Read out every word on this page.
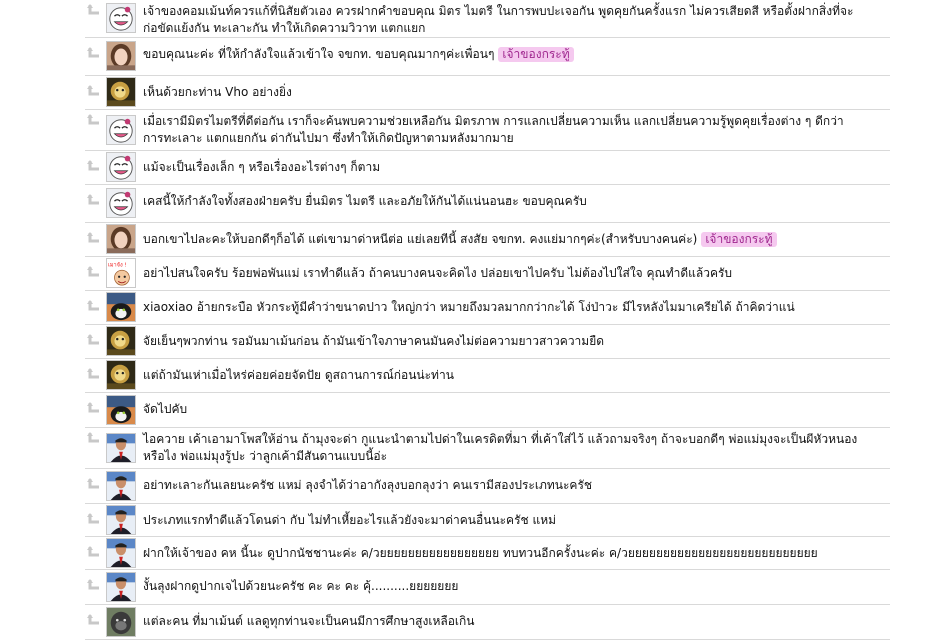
เจ้าของคอมเม้นท์ควรแก้ที่นิสัยตัวเอง ควรฝากคำขอบคุณ มิตร ไมตรี ในการพบปะเจอกัน พูดคุยกันครั้งแรก ไม่ควรเสียดสี หรือตั้งฝากสิ่งที่จะ
ก่อขัดแย้งกัน ทะเลาะกัน ทำให้เกิดความวิวาท แตกแยก
ขอบคุณนะค่ะ ที่ให้กำลังใจแล้วเข้าใจ จขกท. ขอบคุณมากๆค่ะเพื่อนๆ เจ้าของกระทู้
เห็นด้วยกะท่าน Vho อย่างยิ่ง
เมื่อเรามีมิตรไมตรีที่ดีต่อกัน เราก็จะค้นพบความช่วยเหลือกัน มิตรภาพ การแลกเปลี่ยนความเห็น แลกเปลี่ยนความรู้พูดคุยเรื่องต่าง ๆ ดีกว่า
การทะเลาะ แตกแยกกัน ด่ากันไปมา ซึ่งทำให้เกิดปัญหาตามหลังมากมาย
แม้จะเป็นเรื่องเล็ก ๆ หรือเรื่องอะไรต่างๆ ก็ตาม
เคสนี้ให้กำลังใจทั้งสองฝ่ายครับ ยื่นมิตร ไมตรี และอภัยให้กันได้แน่นอนฮะ ขอบคุณครับ
บอกเขาไปละคะให้บอกดีๆก็อได้ แต่เขามาด่าหนีต่อ แย่เลยทีนี้ สงสัย จขกท. คงแย่มากๆค่ะ(สำหรับบางคนค่ะ) เจ้าของกระทู้
เมาจัง !
อย่าไปสนใจครับ ร้อยพ่อพันแม่ เราทำดีแล้ว ถ้าคนบางคนจะคิดไง ปล่อยเขาไปครับ ไม่ต้องไปใส่ใจ คุณทำดีแล้วครับ
xiaoxiao อ้ายกระบือ หัวกระทู้มีคำว่าขนาดปาว ใหญ่กว่า หมายถึงมวลมากกว่ากะได้ โง่ป่าวะ มีไรหลังไมมาเครียได้ ถ้าคิดว่าแน่
จัยเย็นๆพวกท่าน รอมันมาเม้นก่อน ถ้ามันเข้าใจภาษาคนมันคงไม่ต่อความยาวสาวความยืด
แต่ถ้ามันเห่าเมื่อไหร่ค่อยค่อยจัดปัย ดูสถานการณ์ก่อนน่ะท่าน
จัดไปคับ
ไอควาย เค้าเอามาโพสให้อ่าน ถ้ามุงจะด่า กูแนะนำตามไปด่าในเครดิตที่มา ที่เค้าใส่ไว้ แล้วถามจริงๆ ถ้าจะบอกดีๆ พ่อแม่มุงจะเป็นผีหัวหนอง
หรือไง พ่อแม่มุงรู้ปะ ว่าลูกเค้ามีสันดานแบบนี้อ่ะ
อย่าทะเลาะกันเลยนะครัช แหม่ ลุงจำได้ว่าอากังลุงบอกลุงว่า คนเรามีสองประเภทนะครัช
ประเภทแรกทำดีแล้วโดนด่า กับ ไม่ทำเหี้ยอะไรแล้วยังจะมาด่าคนอื่นนะครัช แหม่
ฝากให้เจ้าของ คห นี้นะ ดูปากนัชชานะค่ะ ค/วยยยยยยยยยยยยยยยยย ทบทวนอีกครั้งนะค่ะ ค/วยยยยยยยยยยยยยยยยยยยยยยยยยยย
งั้นลุงฝากดูปากเจไปด้วยนะครัช คะ คะ คะ คุ้..........ยยยยยยย
แต่ละคน ที่มาเม้นต์ แลดูทุกท่านจะเป็นคนมีการศึกษาสูงเหลือเกิน
